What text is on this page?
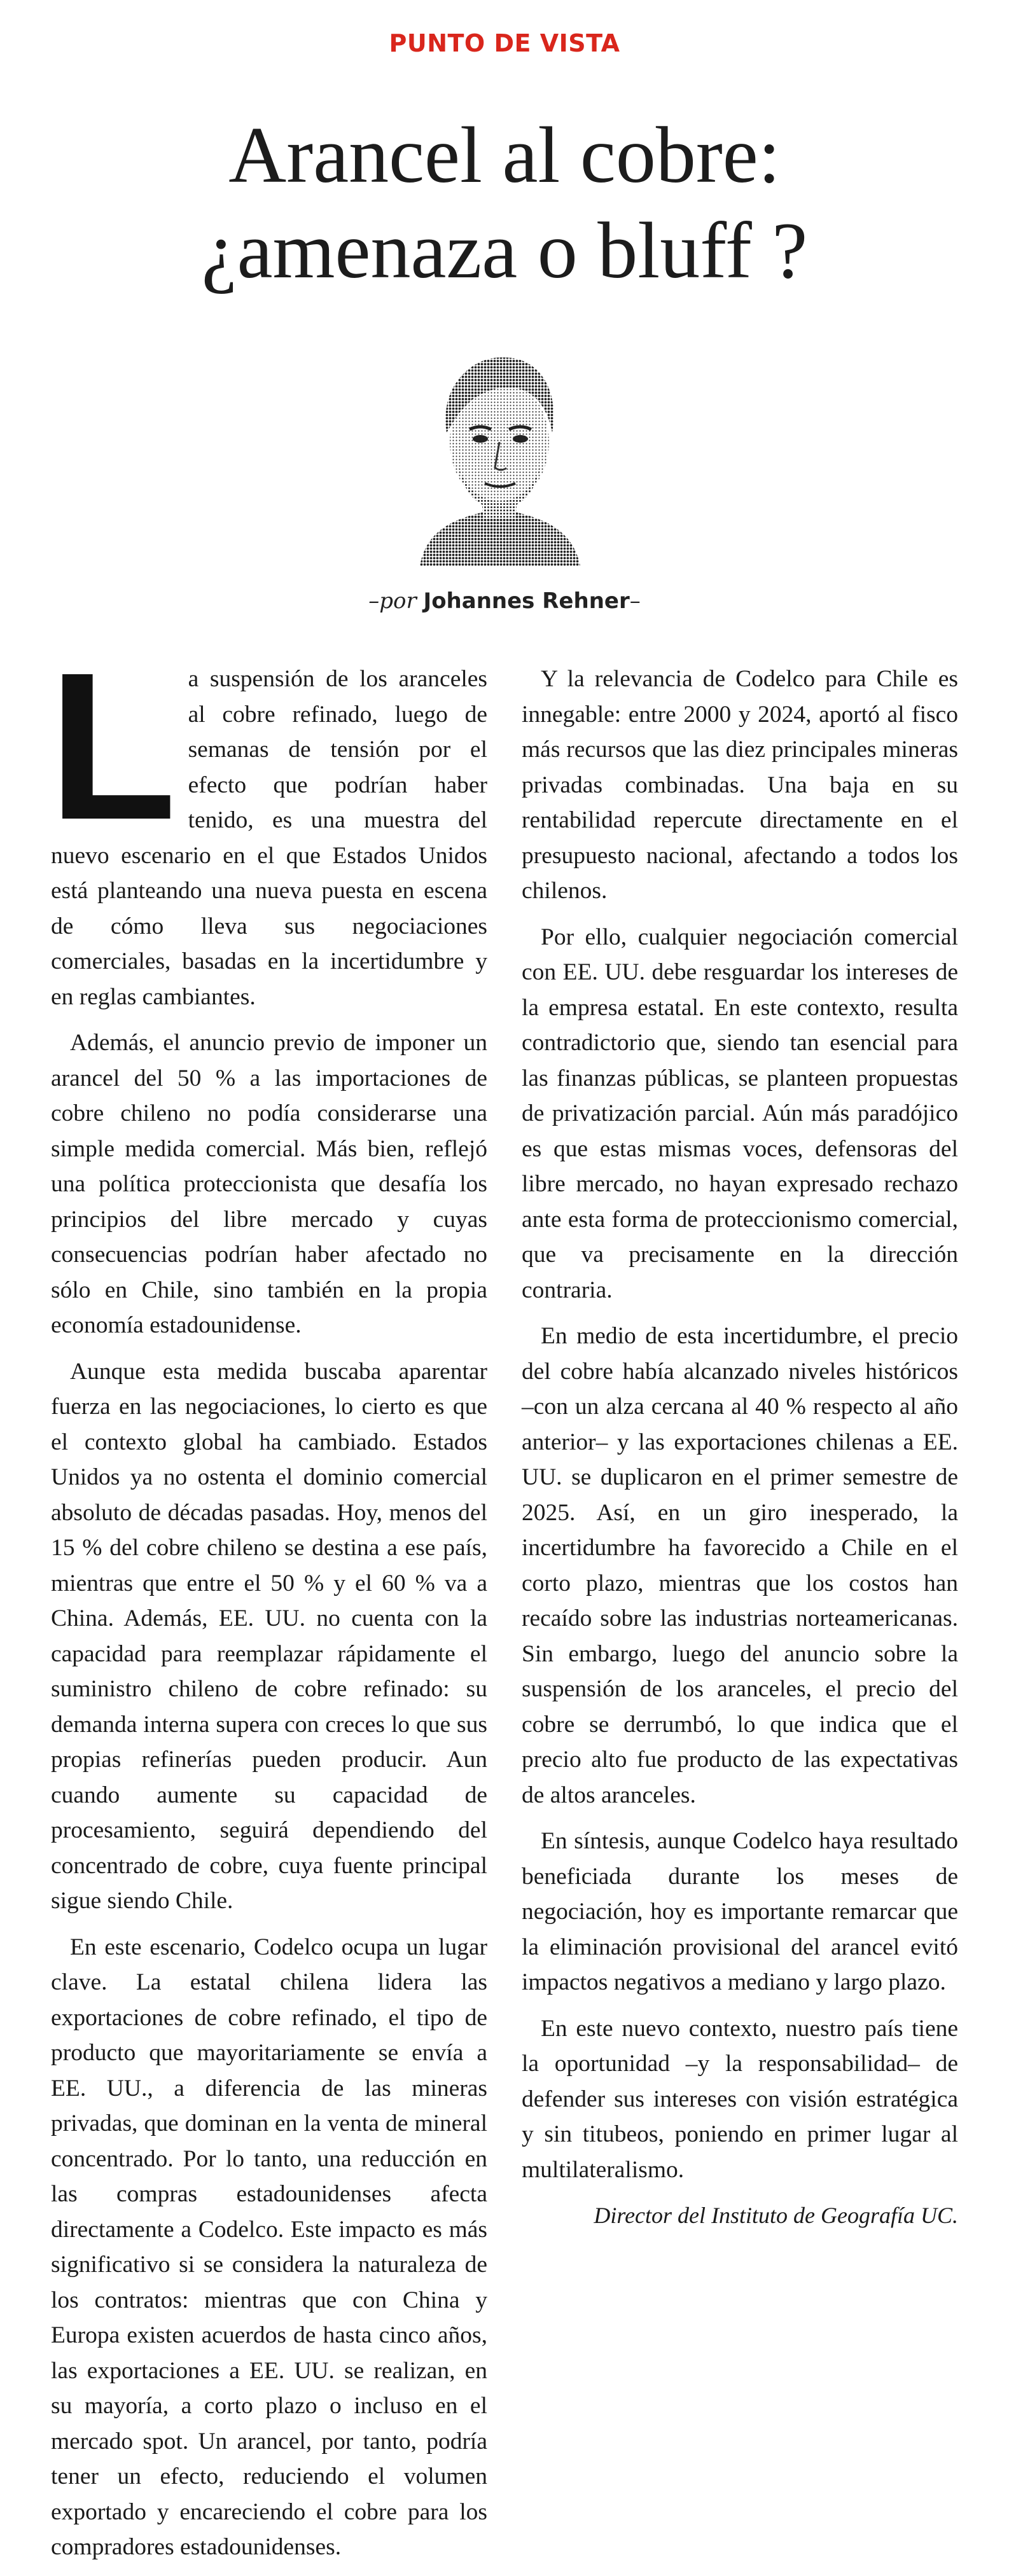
PUNTO DE VISTA
Arancel al cobre:
¿amenaza o bluff ?
–por Johannes Rehner–

La suspensión de los aranceles al cobre refinado, luego de semanas de tensión por el efecto que podrían haber tenido, es una muestra del nuevo escenario en el que Estados Unidos está planteando una nueva puesta en escena de cómo lleva sus negociaciones comerciales, basadas en la incertidumbre y en reglas cambiantes.

Además, el anuncio previo de imponer un arancel del 50 % a las importaciones de cobre chileno no podía considerarse una simple medida comercial. Más bien, reflejó una política proteccionista que desafía los principios del libre mercado y cuyas consecuencias podrían haber afectado no sólo en Chile, sino también en la propia economía estadounidense.

Aunque esta medida buscaba aparentar fuerza en las negociaciones, lo cierto es que el contexto global ha cambiado. Estados Unidos ya no ostenta el dominio comercial absoluto de décadas pasadas. Hoy, menos del 15 % del cobre chileno se destina a ese país, mientras que entre el 50 % y el 60 % va a China. Además, EE. UU. no cuenta con la capacidad para reemplazar rápidamente el suministro chileno de cobre refinado: su demanda interna supera con creces lo que sus propias refinerías pueden producir. Aun cuando aumente su capacidad de procesamiento, seguirá dependiendo del concentrado de cobre, cuya fuente principal sigue siendo Chile.

En este escenario, Codelco ocupa un lugar clave. La estatal chilena lidera las exportaciones de cobre refinado, el tipo de producto que mayoritariamente se envía a EE. UU., a diferencia de las mineras privadas, que dominan en la venta de mineral concentrado. Por lo tanto, una reducción en las compras estadounidenses afecta directamente a Codelco. Este impacto es más significativo si se considera la naturaleza de los contratos: mientras que con China y Europa existen acuerdos de hasta cinco años, las exportaciones a EE. UU. se realizan, en su mayoría, a corto plazo o incluso en el mercado spot. Un arancel, por tanto, podría tener un efecto, reduciendo el volumen exportado y encareciendo el cobre para los compradores estadounidenses.

Y la relevancia de Codelco para Chile es innegable: entre 2000 y 2024, aportó al fisco más recursos que las diez principales mineras privadas combinadas. Una baja en su rentabilidad repercute directamente en el presupuesto nacional, afectando a todos los chilenos.

Por ello, cualquier negociación comercial con EE. UU. debe resguardar los intereses de la empresa estatal. En este contexto, resulta contradictorio que, siendo tan esencial para las finanzas públicas, se planteen propuestas de privatización parcial. Aún más paradójico es que estas mismas voces, defensoras del libre mercado, no hayan expresado rechazo ante esta forma de proteccionismo comercial, que va precisamente en la dirección contraria.

En medio de esta incertidumbre, el precio del cobre había alcanzado niveles históricos –con un alza cercana al 40 % respecto al año anterior– y las exportaciones chilenas a EE. UU. se duplicaron en el primer semestre de 2025. Así, en un giro inesperado, la incertidumbre ha favorecido a Chile en el corto plazo, mientras que los costos han recaído sobre las industrias norteamericanas. Sin embargo, luego del anuncio sobre la suspensión de los aranceles, el precio del cobre se derrumbó, lo que indica que el precio alto fue producto de las expectativas de altos aranceles.

En síntesis, aunque Codelco haya resultado beneficiada durante los meses de negociación, hoy es importante remarcar que la eliminación provisional del arancel evitó impactos negativos a mediano y largo plazo.

En este nuevo contexto, nuestro país tiene la oportunidad –y la responsabilidad– de defender sus intereses con visión estratégica y sin titubeos, poniendo en primer lugar al multilateralismo.

Director del Instituto de Geografía UC.
